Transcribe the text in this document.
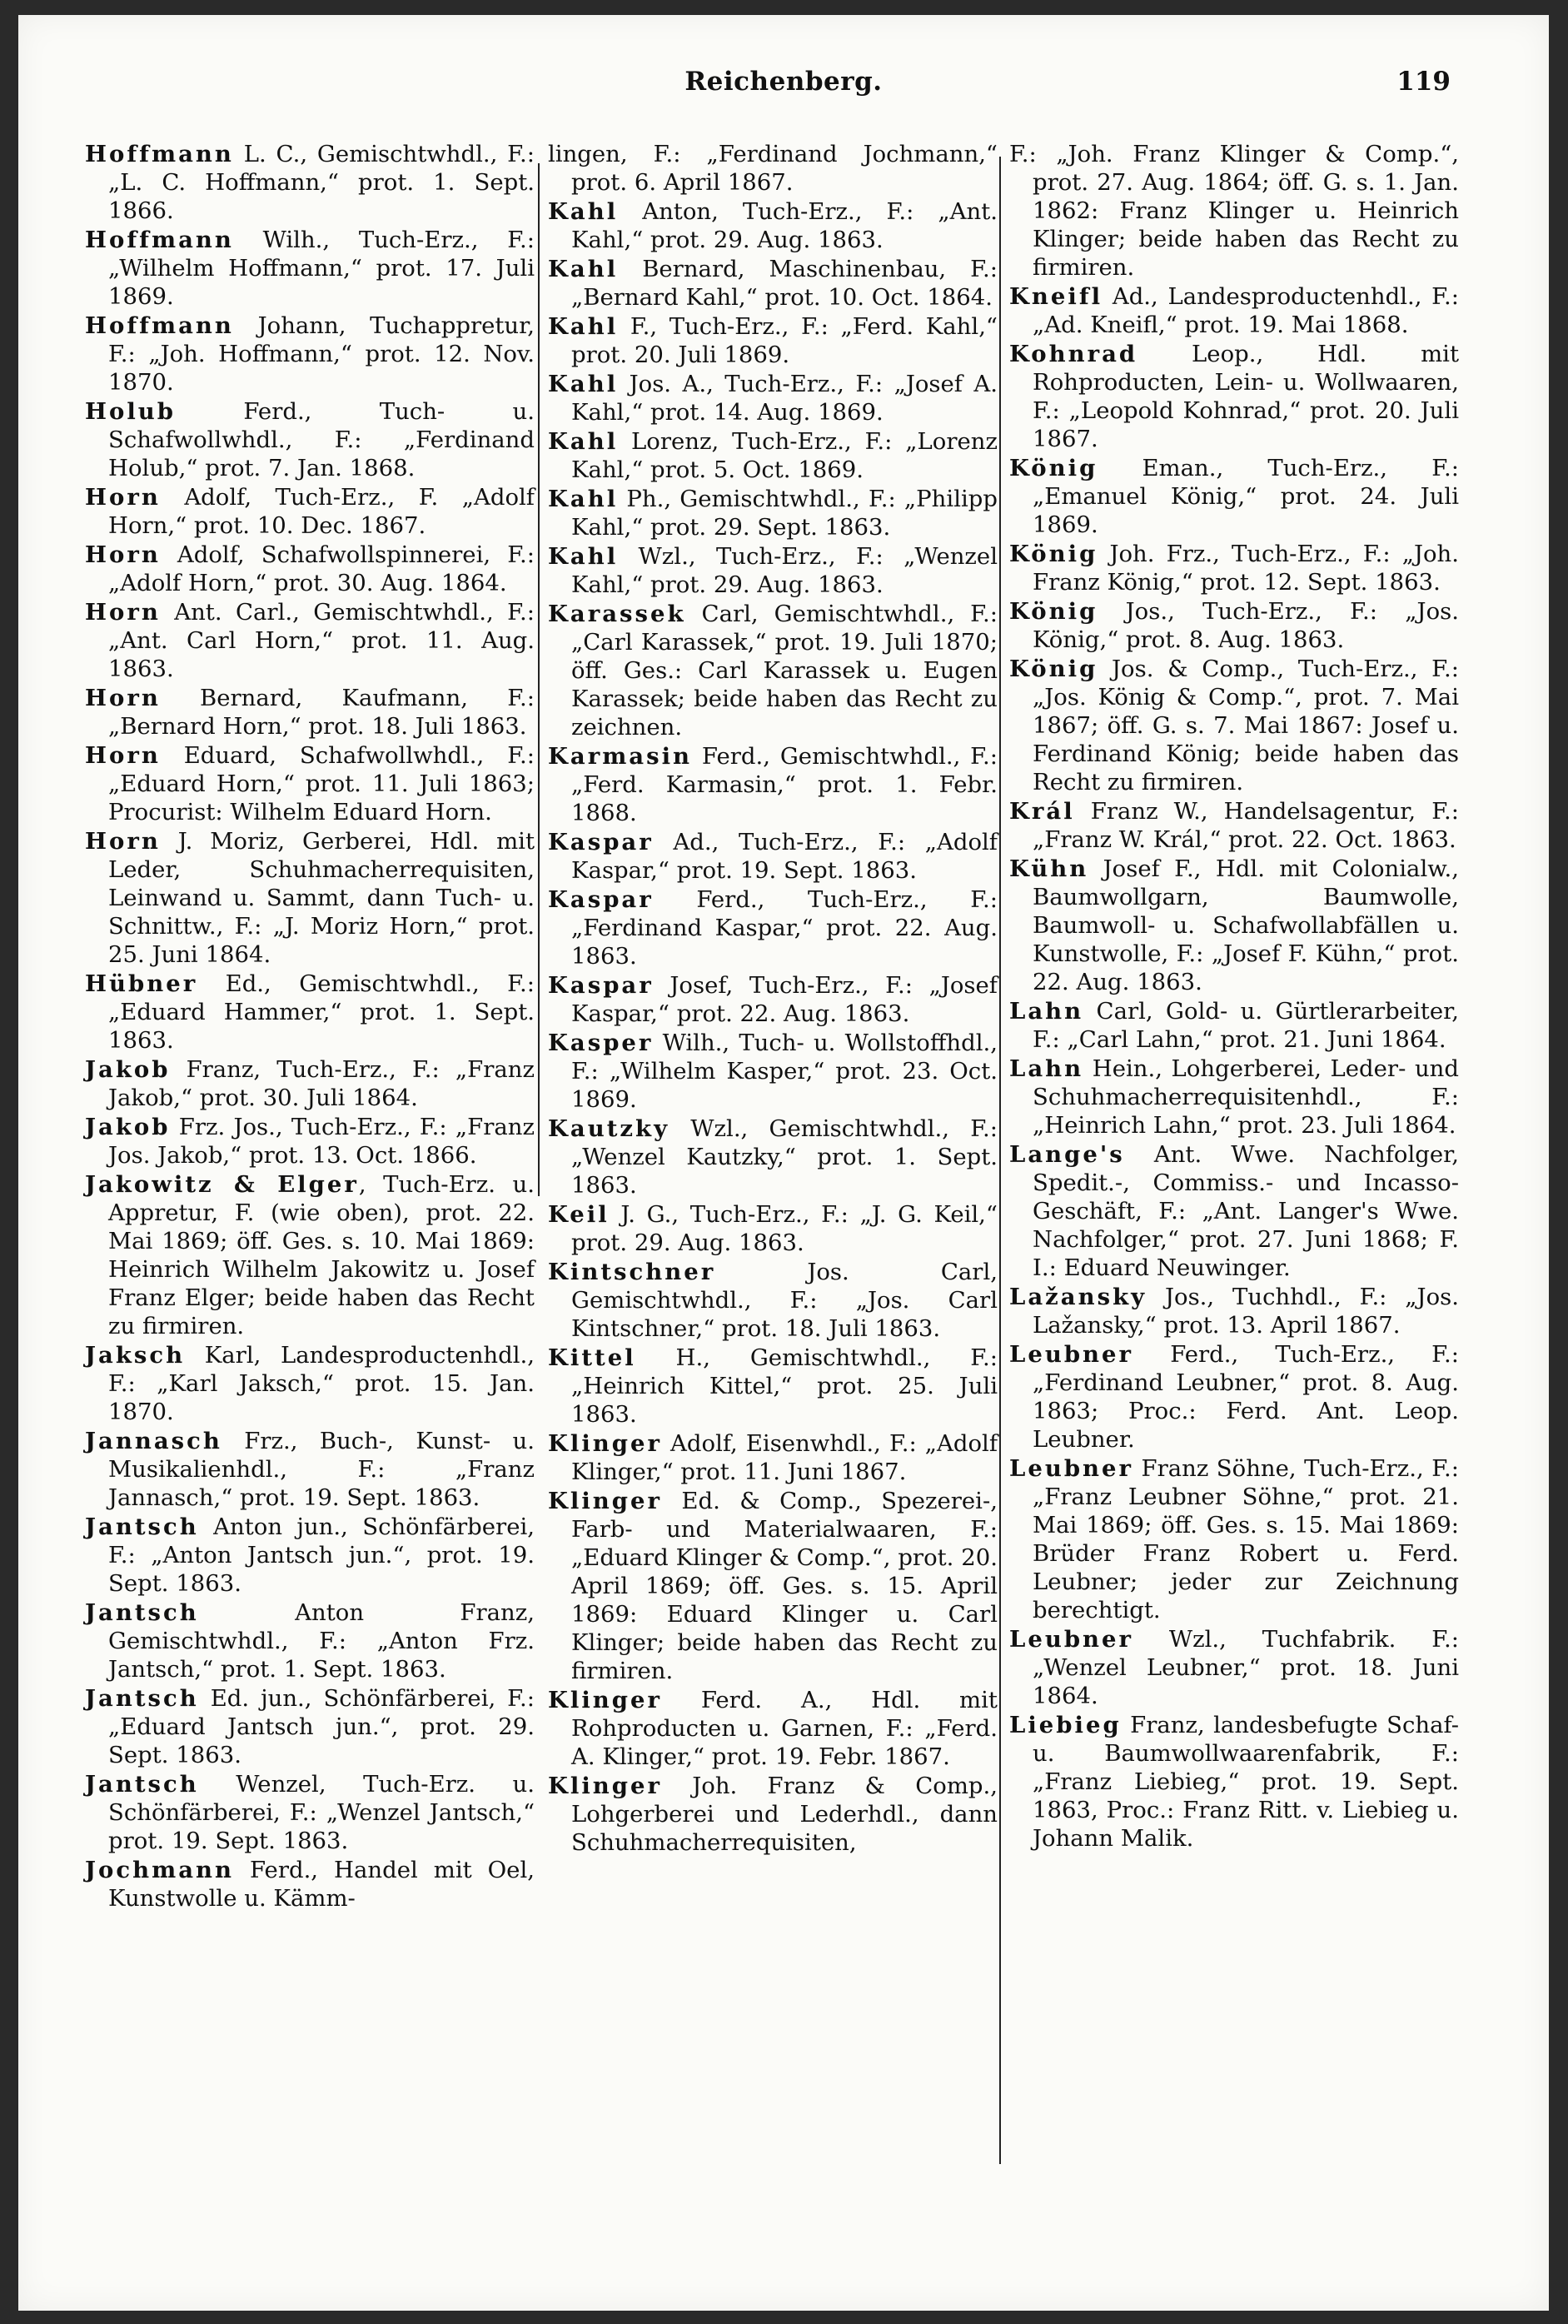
Reichenberg.	119

Hoffmann L. C., Gemischtwhdl., F.: „L. C. Hoffmann,“ prot. 1. Sept. 1866.

Hoffmann Wilh., Tuch-Erz., F.: „Wilhelm Hoffmann,“ prot. 17. Juli 1869.

Hoffmann Johann, Tuchappretur, F.: „Joh. Hoffmann,“ prot. 12. Nov. 1870.

Holub	Ferd., Tuch- u. Schafwollwhdl., F.: „Ferdinand Holub,“ prot. 7. Jan. 1868.

Horn Adolf, Tuch-Erz., F. „Adolf Horn,“ prot. 10. Dec. 1867.

Horn Adolf, Schafwollspinnerei, F.: „Adolf Horn,“ prot. 30. Aug. 1864.

Horn Ant. Carl., Gemischtwhdl., F.: „Ant. Carl Horn,“ prot. 11. Aug. 1863.

Horn Bernard, Kaufmann, F.: „Bernard Horn,“ prot. 18. Juli 1863.

Horn Eduard, Schafwollwhdl., F.: „Eduard Horn,“ prot. 11. Juli 1863; Procurist: Wilhelm Eduard Horn.

Horn J. Moriz, Gerberei, Hdl. mit Leder, Schuhmacherrequisiten, Leinwand u. Sammt, dann Tuch- u. Schnittw., F.: „J. Moriz Horn,“ prot. 25. Juni 1864.

Hübner Ed., Gemischtwhdl., F.: „Eduard Hammer,“ prot. 1. Sept. 1863.

Jakob Franz, Tuch-Erz., F.: „Franz Jakob,“ prot. 30. Juli 1864.

Jakob Frz. Jos., Tuch-Erz., F.: „Franz Jos. Jakob,“ prot. 13. Oct. 1866.

Jakowitz & Elger, Tuch-Erz. u. Appretur, F. (wie oben), prot. 22. Mai 1869; öff. Ges. s. 10. Mai 1869: Heinrich Wilhelm Jakowitz u. Josef Franz Elger; beide haben das Recht zu firmiren.

Jaksch Karl, Landesproductenhdl., F.: „Karl Jaksch,“ prot. 15. Jan. 1870.

Jannasch Frz., Buch-, Kunst- u. Musikalienhdl., F.: „Franz Jannasch,“ prot. 19. Sept. 1863.

Jantsch Anton jun., Schönfärberei, F.: „Anton Jantsch jun.“, prot. 19. Sept. 1863.

Jantsch	Anton Franz, Gemischtwhdl., F.: „Anton Frz. Jantsch,“ prot. 1. Sept. 1863.

Jantsch Ed. jun., Schönfärberei, F.: „Eduard Jantsch jun.“, prot. 29. Sept. 1863.

Jantsch Wenzel, Tuch-Erz. u. Schönfärberei, F.: „Wenzel Jantsch,“ prot. 19. Sept. 1863.

Jochmann Ferd., Handel mit Oel, Kunstwolle u. Kämm-

lingen, F.: „Ferdinand Jochmann,“ prot. 6. April 1867.

Kahl Anton, Tuch-Erz., F.: „Ant. Kahl,“ prot. 29. Aug. 1863.

Kahl Bernard, Maschinenbau, F.: „Bernard Kahl,“ prot. 10. Oct. 1864.

Kahl F., Tuch-Erz., F.: „Ferd. Kahl,“ prot. 20. Juli 1869.

Kahl Jos. A., Tuch-Erz., F.: „Josef A. Kahl,“ prot. 14. Aug. 1869.

Kahl Lorenz, Tuch-Erz., F.: „Lorenz Kahl,“ prot. 5. Oct. 1869.

Kahl Ph., Gemischtwhdl., F.: „Philipp Kahl,“ prot. 29. Sept. 1863.

Kahl Wzl., Tuch-Erz., F.: „Wenzel Kahl,“ prot. 29. Aug. 1863.

Karassek Carl, Gemischtwhdl., F.: „Carl Karassek,“ prot. 19. Juli 1870; öff. Ges.: Carl Karassek u. Eugen Karassek; beide haben das Recht zu zeichnen.

Karmasin Ferd., Gemischtwhdl., F.: „Ferd. Karmasin,“ prot. 1. Febr. 1868.

Kaspar Ad., Tuch-Erz., F.: „Adolf Kaspar,“ prot. 19. Sept. 1863.

Kaspar Ferd., Tuch-Erz., F.: „Ferdinand Kaspar,“ prot. 22. Aug. 1863.

Kaspar Josef, Tuch-Erz., F.: „Josef Kaspar,“ prot. 22. Aug. 1863.

Kasper Wilh., Tuch- u. Wollstoffhdl., F.: „Wilhelm Kasper,“ prot. 23. Oct. 1869.

Kautzky Wzl., Gemischtwhdl., F.: „Wenzel Kautzky,“ prot. 1. Sept. 1863.

Keil J. G., Tuch-Erz., F.: „J. G. Keil,“ prot. 29. Aug. 1863.

Kintschner	Jos. Carl, Gemischtwhdl., F.: „Jos. Carl Kintschner,“ prot. 18. Juli 1863.

Kittel H., Gemischtwhdl., F.: „Heinrich Kittel,“ prot. 25. Juli 1863.

Klinger Adolf, Eisenwhdl., F.: „Adolf Klinger,“ prot. 11. Juni 1867.

Klinger Ed. & Comp., Spezerei-, Farb- und Materialwaaren, F.: „Eduard Klinger & Comp.“, prot. 20. April 1869; öff. Ges. s. 15. April 1869: Eduard Klinger u. Carl Klinger; beide haben das Recht zu firmiren.

Klinger Ferd. A., Hdl. mit Rohproducten u. Garnen, F.: „Ferd. A. Klinger,“ prot. 19. Febr. 1867.

Klinger Joh. Franz & Comp., Lohgerberei und Lederhdl., dann Schuhmacherrequisiten,

F.: „Joh. Franz Klinger & Comp.“, prot. 27. Aug. 1864; öff. G. s. 1. Jan. 1862: Franz Klinger u. Heinrich Klinger; beide haben das Recht zu firmiren.

Kneifl Ad., Landesproductenhdl., F.: „Ad. Kneifl,“ prot. 19. Mai 1868.

Kohnrad Leop., Hdl. mit Rohproducten, Lein- u. Wollwaaren, F.: „Leopold Kohnrad,“ prot. 20. Juli 1867.

König Eman., Tuch-Erz., F.: „Emanuel König,“ prot. 24. Juli 1869.

König Joh. Frz., Tuch-Erz., F.: „Joh. Franz König,“ prot. 12. Sept. 1863.

König Jos., Tuch-Erz., F.: „Jos. König,“ prot. 8. Aug. 1863.

König Jos. & Comp., Tuch-Erz., F.: „Jos. König & Comp.“, prot. 7. Mai 1867; öff. G. s. 7. Mai 1867: Josef u. Ferdinand König; beide haben das Recht zu firmiren.

Král Franz W., Handelsagentur, F.: „Franz W. Král,“ prot. 22. Oct. 1863.

Kühn Josef F., Hdl. mit Colonialw., Baumwollgarn, Baumwolle, Baumwoll- u. Schafwollabfällen u. Kunstwolle, F.: „Josef F. Kühn,“ prot. 22. Aug. 1863.

Lahn Carl, Gold- u. Gürtlerarbeiter, F.: „Carl Lahn,“ prot. 21. Juni 1864.

Lahn Hein., Lohgerberei, Leder- und Schuhmacherrequisitenhdl., F.: „Heinrich Lahn,“ prot. 23. Juli 1864.

Lange's Ant. Wwe. Nachfolger, Spedit.-, Commiss.- und Incasso-Geschäft, F.: „Ant. Langer's Wwe. Nachfolger,“ prot. 27. Juni 1868; F. I.: Eduard Neuwinger.

Lažansky Jos., Tuchhdl., F.: „Jos. Lažansky,“ prot. 13. April 1867.

Leubner Ferd., Tuch-Erz., F.: „Ferdinand Leubner,“ prot. 8. Aug. 1863; Proc.: Ferd. Ant. Leop. Leubner.

Leubner Franz Söhne, Tuch-Erz., F.: „Franz Leubner Söhne,“ prot. 21. Mai 1869; öff. Ges. s. 15. Mai 1869: Brüder Franz Robert u. Ferd. Leubner; jeder zur Zeichnung berechtigt.

Leubner Wzl., Tuchfabrik. F.: „Wenzel Leubner,“ prot. 18. Juni 1864.

Liebieg Franz, landesbefugte Schaf- u. Baumwollwaarenfabrik, F.: „Franz Liebieg,“ prot. 19. Sept. 1863, Proc.: Franz Ritt. v. Liebieg u. Johann Malik.
